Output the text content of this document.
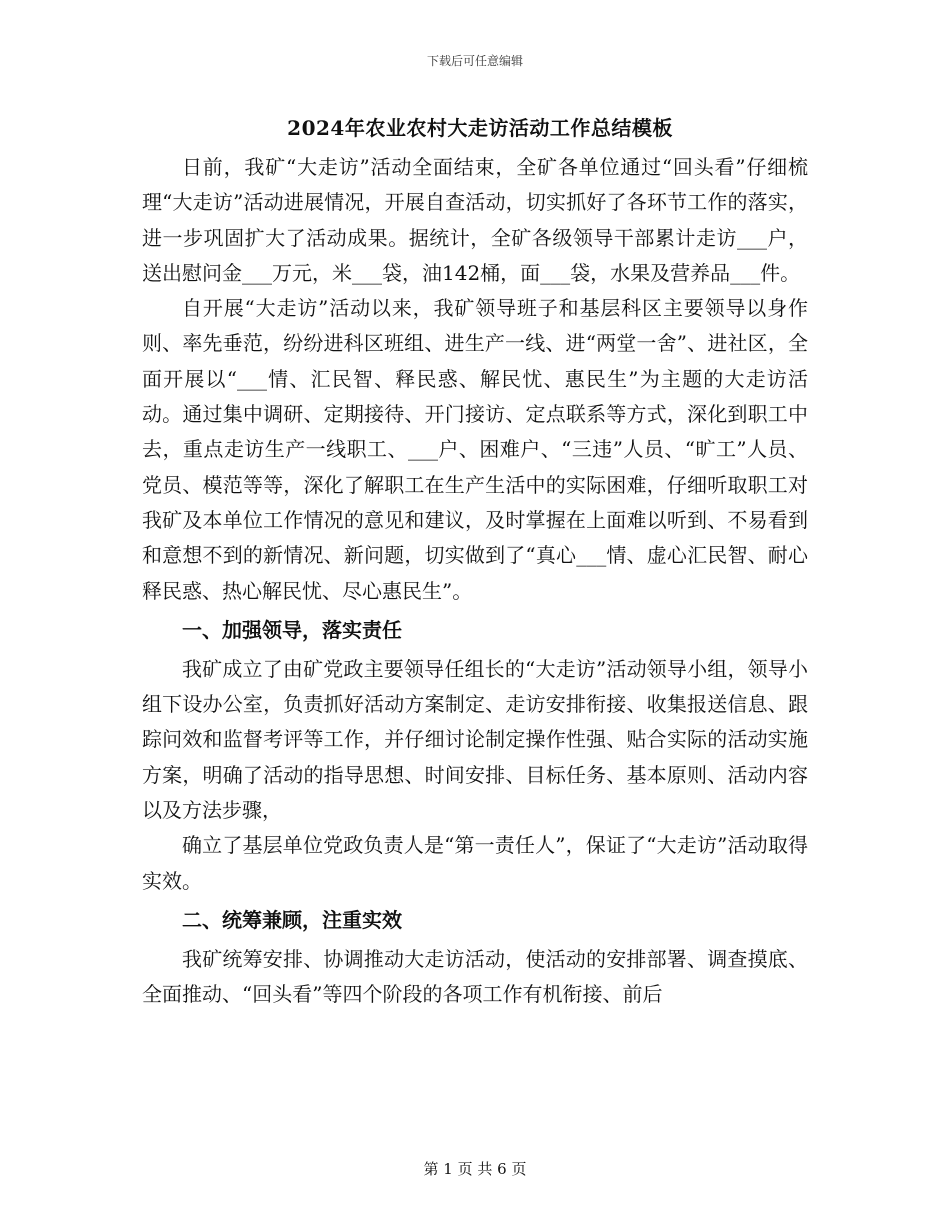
下载后可任意编辑
2024年农业农村大走访活动工作总结模板

日前，我矿“大走访”活动全面结束，全矿各单位通过“回头看”仔细梳理“大走访”活动进展情况，开展自查活动，切实抓好了各环节工作的落实，进一步巩固扩大了活动成果。据统计，全矿各级领导干部累计走访___户，送出慰问金___万元，米___袋，油142桶，面___袋，水果及营养品___件。

自开展“大走访”活动以来，我矿领导班子和基层科区主要领导以身作则、率先垂范，纷纷进科区班组、进生产一线、进“两堂一舍”、进社区，全面开展以“___情、汇民智、释民惑、解民忧、惠民生”为主题的大走访活动。通过集中调研、定期接待、开门接访、定点联系等方式，深化到职工中去，重点走访生产一线职工、___户、困难户、“三违”人员、“旷工”人员、党员、模范等等，深化了解职工在生产生活中的实际困难，仔细听取职工对我矿及本单位工作情况的意见和建议，及时掌握在上面难以听到、不易看到和意想不到的新情况、新问题，切实做到了“真心___情、虚心汇民智、耐心释民惑、热心解民忧、尽心惠民生”。

一、加强领导，落实责任

我矿成立了由矿党政主要领导任组长的“大走访”活动领导小组，领导小组下设办公室，负责抓好活动方案制定、走访安排衔接、收集报送信息、跟踪问效和监督考评等工作，并仔细讨论制定操作性强、贴合实际的活动实施方案，明确了活动的指导思想、时间安排、目标任务、基本原则、活动内容以及方法步骤，

确立了基层单位党政负责人是“第一责任人”，保证了“大走访”活动取得实效。

二、统筹兼顾，注重实效

我矿统筹安排、协调推动大走访活动，使活动的安排部署、调查摸底、全面推动、“回头看”等四个阶段的各项工作有机衔接、前后

第 1 页 共 6 页
